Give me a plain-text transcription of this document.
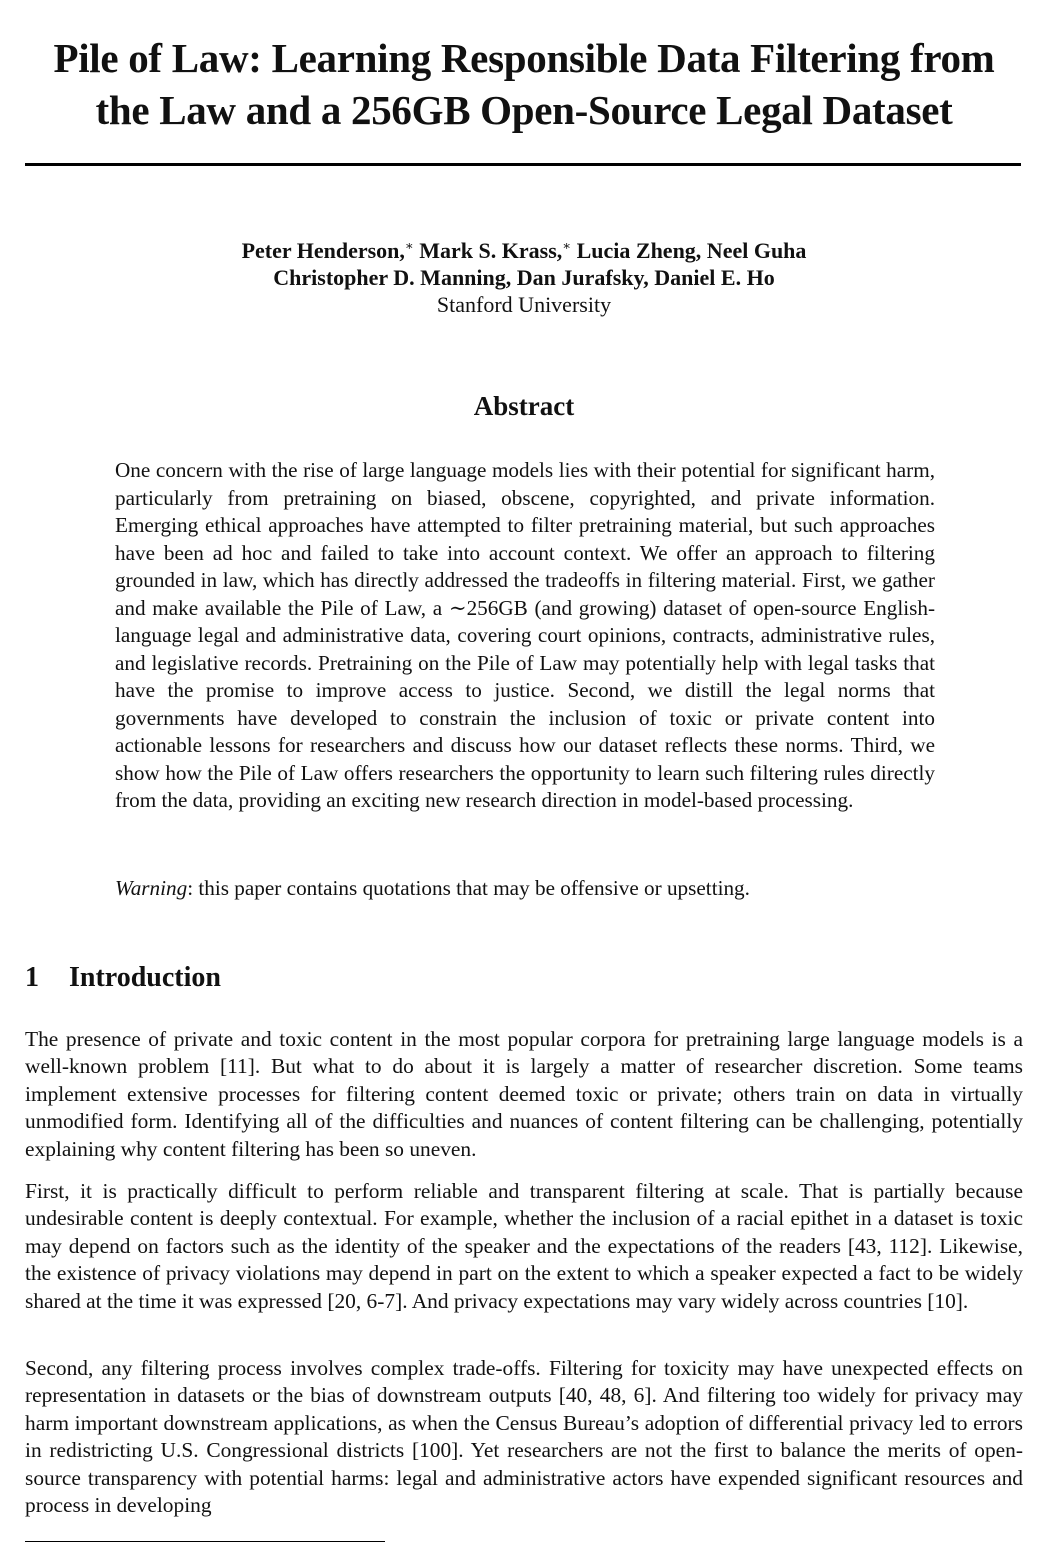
Pile of Law: Learning Responsible Data Filtering from the Law and a 256GB Open-Source Legal Dataset
Peter Henderson,∗ Mark S. Krass,∗ Lucia Zheng, Neel Guha
Christopher D. Manning, Dan Jurafsky, Daniel E. Ho
Stanford University
Abstract

One concern with the rise of large language models lies with their potential for significant harm, particularly from pretraining on biased, obscene, copyrighted, and private information. Emerging ethical approaches have attempted to filter pretraining material, but such approaches have been ad hoc and failed to take into account context. We offer an approach to filtering grounded in law, which has directly addressed the tradeoffs in filtering material. First, we gather and make available the Pile of Law, a ∼256GB (and growing) dataset of open-source English-language legal and administrative data, covering court opinions, contracts, administrative rules, and legislative records. Pretraining on the Pile of Law may potentially help with legal tasks that have the promise to improve access to justice. Second, we distill the legal norms that governments have developed to constrain the inclusion of toxic or private content into actionable lessons for researchers and discuss how our dataset reflects these norms. Third, we show how the Pile of Law offers researchers the opportunity to learn such filtering rules directly from the data, providing an exciting new research direction in model-based processing.

Warning: this paper contains quotations that may be offensive or upsetting.

1 Introduction

The presence of private and toxic content in the most popular corpora for pretraining large language models is a well-known problem [11]. But what to do about it is largely a matter of researcher discretion. Some teams implement extensive processes for filtering content deemed toxic or private; others train on data in virtually unmodified form. Identifying all of the difficulties and nuances of content filtering can be challenging, potentially explaining why content filtering has been so uneven.

First, it is practically difficult to perform reliable and transparent filtering at scale. That is partially because undesirable content is deeply contextual. For example, whether the inclusion of a racial epithet in a dataset is toxic may depend on factors such as the identity of the speaker and the expectations of the readers [43, 112]. Likewise, the existence of privacy violations may depend in part on the extent to which a speaker expected a fact to be widely shared at the time it was expressed [20, 6-7]. And privacy expectations may vary widely across countries [10].

Second, any filtering process involves complex trade-offs. Filtering for toxicity may have unexpected effects on representation in datasets or the bias of downstream outputs [40, 48, 6]. And filtering too widely for privacy may harm important downstream applications, as when the Census Bureau’s adoption of differential privacy led to errors in redistricting U.S. Congressional districts [100]. Yet researchers are not the first to balance the merits of open-source transparency with potential harms: legal and administrative actors have expended significant resources and process in developing
